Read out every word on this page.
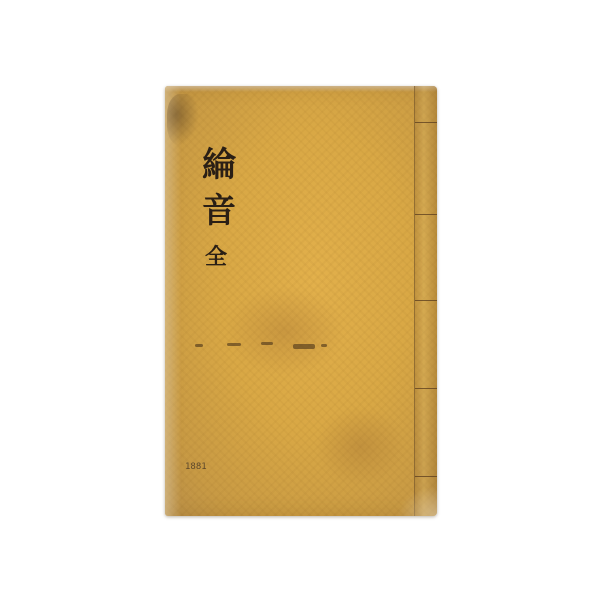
綸
音
全
1881
